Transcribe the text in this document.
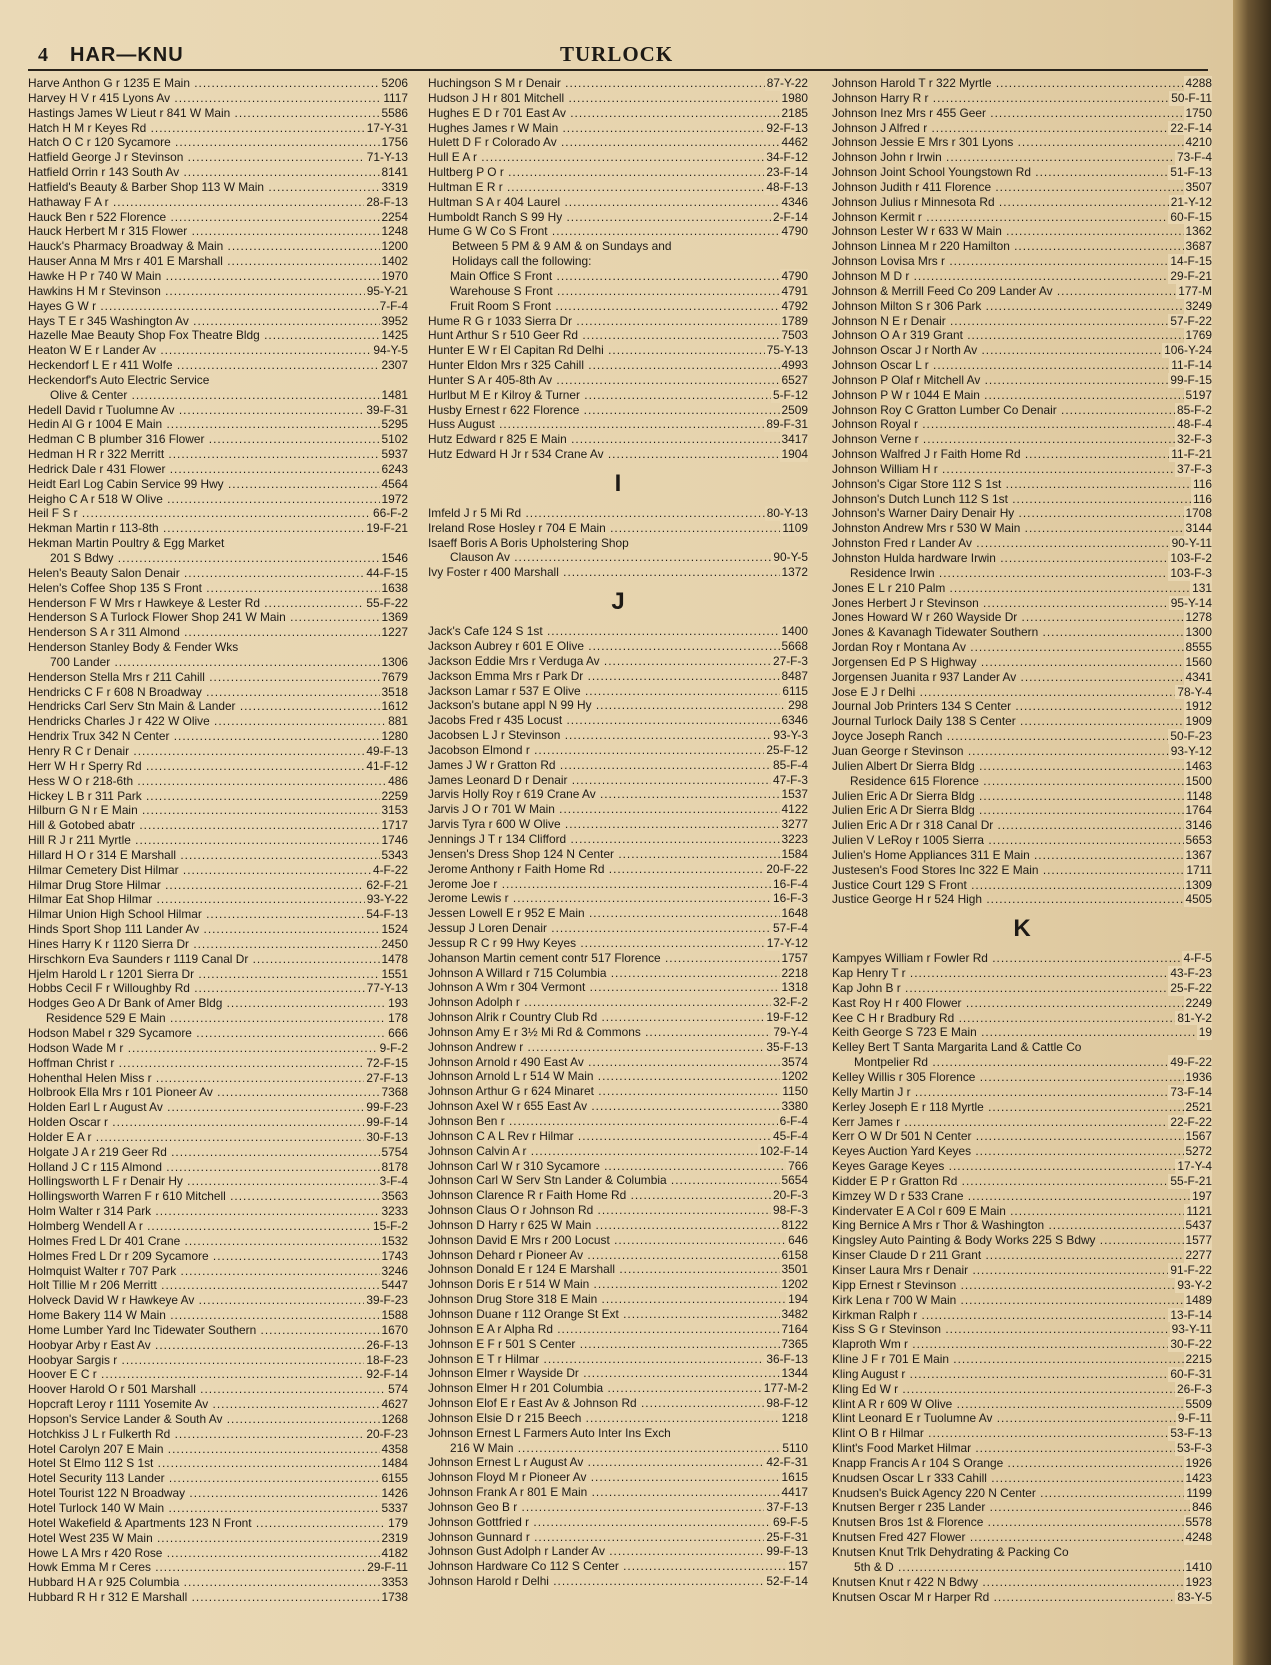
4 HAR—KNU	TURLOCK
Harve Anthon G r 1235 E Main .....	5206
Harvey H V r 415 Lyons Av .....	1117
Hastings James W Lieut r 841 W Main .....	5586
Hatch H M r Keyes Rd .....	17-Y-31
Hatch O C r 120 Sycamore .....	1756
Hatfield George J r Stevinson .....	71-Y-13
Hatfield Orrin r 143 South Av .....	8141
Hatfield's Beauty & Barber Shop 113 W Main .....	3319
Hathaway F A r .....	28-F-13
Hauck Ben r 522 Florence .....	2254
Hauck Herbert M r 315 Flower .....	1248
Hauck's Pharmacy Broadway & Main .....	1200
Hauser Anna M Mrs r 401 E Marshall .....	1402
Hawke H P r 740 W Main .....	1970
Hawkins H M r Stevinson .....	95-Y-21
Hayes G W r .....	7-F-4
Hays T E r 345 Washington Av .....	3952
Hazelle Mae Beauty Shop Fox Theatre Bldg .....	1425
Heaton W E r Lander Av .....	94-Y-5
Heckendorf L E r 411 Wolfe .....	2307
Heckendorf's Auto Electric Service
Olive & Center .....	1481
Hedell David r Tuolumne Av .....	39-F-31
Hedin Al G r 1004 E Main .....	5295
Hedman C B plumber 316 Flower .....	5102
Hedman H R r 322 Merritt .....	5937
Hedrick Dale r 431 Flower .....	6243
Heidt Earl Log Cabin Service 99 Hwy .....	4564
Heigho C A r 518 W Olive .....	1972
Heil F S r .....	66-F-2
Hekman Martin r 113-8th .....	19-F-21
Hekman Martin Poultry & Egg Market
201 S Bdwy .....	1546
Helen's Beauty Salon Denair .....	44-F-15
Helen's Coffee Shop 135 S Front .....	1638
Henderson F W Mrs r Hawkeye & Lester Rd .....	55-F-22
Henderson S A Turlock Flower Shop 241 W Main .....	1369
Henderson S A r 311 Almond .....	1227
Henderson Stanley Body & Fender Wks
700 Lander .....	1306
Henderson Stella Mrs r 211 Cahill .....	7679
Hendricks C F r 608 N Broadway .....	3518
Hendricks Carl Serv Stn Main & Lander .....	1612
Hendricks Charles J r 422 W Olive .....	881
Hendrix Trux 342 N Center .....	1280
Henry R C r Denair .....	49-F-13
Herr W H r Sperry Rd .....	41-F-12
Hess W O r 218-6th .....	486
Hickey L B r 311 Park .....	2259
Hilburn G N r E Main .....	3153
Hill & Gotobed abatr .....	1717
Hill R J r 211 Myrtle .....	1746
Hillard H O r 314 E Marshall .....	5343
Hilmar Cemetery Dist Hilmar .....	4-F-22
Hilmar Drug Store Hilmar .....	62-F-21
Hilmar Eat Shop Hilmar .....	93-Y-22
Hilmar Union High School Hilmar .....	54-F-13
Hinds Sport Shop 111 Lander Av .....	1524
Hines Harry K r 1120 Sierra Dr .....	2450
Hirschkorn Eva Saunders r 1119 Canal Dr .....	1478
Hjelm Harold L r 1201 Sierra Dr .....	1551
Hobbs Cecil F r Willoughby Rd .....	77-Y-13
Hodges Geo A Dr Bank of Amer Bldg .....	193
Residence 529 E Main .....	178
Hodson Mabel r 329 Sycamore .....	666
Hodson Wade M r .....	9-F-2
Hoffman Christ r .....	72-F-15
Hohenthal Helen Miss r .....	27-F-13
Holbrook Ella Mrs r 101 Pioneer Av .....	7368
Holden Earl L r August Av .....	99-F-23
Holden Oscar r .....	99-F-14
Holder E A r .....	30-F-13
Holgate J A r 219 Geer Rd .....	5754
Holland J C r 115 Almond .....	8178
Hollingsworth L F r Denair Hy .....	3-F-4
Hollingsworth Warren F r 610 Mitchell .....	3563
Holm Walter r 314 Park .....	3233
Holmberg Wendell A r .....	15-F-2
Holmes Fred L Dr 401 Crane .....	1532
Holmes Fred L Dr r 209 Sycamore .....	1743
Holmquist Walter r 707 Park .....	3246
Holt Tillie M r 206 Merritt .....	5447
Holveck David W r Hawkeye Av .....	39-F-23
Home Bakery 114 W Main .....	1588
Home Lumber Yard Inc Tidewater Southern .....	1670
Hoobyar Arby r East Av .....	26-F-13
Hoobyar Sargis r .....	18-F-23
Hoover E C r .....	92-F-14
Hoover Harold O r 501 Marshall .....	574
Hopcraft Leroy r 1111 Yosemite Av .....	4627
Hopson's Service Lander & South Av .....	1268
Hotchkiss J L r Fulkerth Rd .....	20-F-23
Hotel Carolyn 207 E Main .....	4358
Hotel St Elmo 112 S 1st .....	1484
Hotel Security 113 Lander .....	6155
Hotel Tourist 122 N Broadway .....	1426
Hotel Turlock 140 W Main .....	5337
Hotel Wakefield & Apartments 123 N Front .....	179
Hotel West 235 W Main .....	2319
Howe L A Mrs r 420 Rose .....	4182
Howk Emma M r Ceres .....	29-F-11
Hubbard H A r 925 Columbia .....	3353
Hubbard R H r 312 E Marshall .....	1738
Huchingson S M r Denair .....	87-Y-22
Hudson J H r 801 Mitchell .....	1980
Hughes E D r 701 East Av .....	2185
Hughes James r W Main .....	92-F-13
Hulett D F r Colorado Av .....	4462
Hull E A r .....	34-F-12
Hultberg P O r .....	23-F-14
Hultman E R r .....	48-F-13
Hultman S A r 404 Laurel .....	4346
Humboldt Ranch S 99 Hy .....	2-F-14
Hume G W Co S Front .....	4790
Between 5 PM & 9 AM & on Sundays and
Holidays call the following:
Main Office S Front .....	4790
Warehouse S Front .....	4791
Fruit Room S Front .....	4792
Hume R G r 1033 Sierra Dr .....	1789
Hunt Arthur S r 510 Geer Rd .....	7503
Hunter E W r El Capitan Rd Delhi .....	75-Y-13
Hunter Eldon Mrs r 325 Cahill .....	4993
Hunter S A r 405-8th Av .....	6527
Hurlbut M E r Kilroy & Turner .....	5-F-12
Husby Ernest r 622 Florence .....	2509
Huss August .....	89-F-31
Hutz Edward r 825 E Main .....	3417
Hutz Edward H Jr r 534 Crane Av .....	1904
I
Imfeld J r 5 Mi Rd .....	80-Y-13
Ireland Rose Hosley r 704 E Main .....	1109
Isaeff Boris A Boris Upholstering Shop
Clauson Av .....	90-Y-5
Ivy Foster r 400 Marshall .....	1372
J
Jack's Cafe 124 S 1st .....	1400
Jackson Aubrey r 601 E Olive .....	5668
Jackson Eddie Mrs r Verduga Av .....	27-F-3
Jackson Emma Mrs r Park Dr .....	8487
Jackson Lamar r 537 E Olive .....	6115
Jackson's butane appl N 99 Hy .....	298
Jacobs Fred r 435 Locust .....	6346
Jacobsen L J r Stevinson .....	93-Y-3
Jacobson Elmond r .....	25-F-12
James J W r Gratton Rd .....	85-F-4
James Leonard D r Denair .....	47-F-3
Jarvis Holly Roy r 619 Crane Av .....	1537
Jarvis J O r 701 W Main .....	4122
Jarvis Tyra r 600 W Olive .....	3277
Jennings J T r 134 Clifford .....	3223
Jensen's Dress Shop 124 N Center .....	1584
Jerome Anthony r Faith Home Rd .....	20-F-22
Jerome Joe r .....	16-F-4
Jerome Lewis r .....	16-F-3
Jessen Lowell E r 952 E Main .....	1648
Jessup J Loren Denair .....	57-F-4
Jessup R C r 99 Hwy Keyes .....	17-Y-12
Johanson Martin cement contr 517 Florence .....	1757
Johnson A Willard r 715 Columbia .....	2218
Johnson A Wm r 304 Vermont .....	1318
Johnson Adolph r .....	32-F-2
Johnson Alrik r Country Club Rd .....	19-F-12
Johnson Amy E r 3½ Mi Rd & Commons .....	79-Y-4
Johnson Andrew r .....	35-F-13
Johnson Arnold r 490 East Av .....	3574
Johnson Arnold L r 514 W Main .....	1202
Johnson Arthur G r 624 Minaret .....	1150
Johnson Axel W r 655 East Av .....	3380
Johnson Ben r .....	6-F-4
Johnson C A L Rev r Hilmar .....	45-F-4
Johnson Calvin A r .....	102-F-14
Johnson Carl W r 310 Sycamore .....	766
Johnson Carl W Serv Stn Lander & Columbia .....	5654
Johnson Clarence R r Faith Home Rd .....	20-F-3
Johnson Claus O r Johnson Rd .....	98-F-3
Johnson D Harry r 625 W Main .....	8122
Johnson David E Mrs r 200 Locust .....	646
Johnson Dehard r Pioneer Av .....	6158
Johnson Donald E r 124 E Marshall .....	3501
Johnson Doris E r 514 W Main .....	1202
Johnson Drug Store 318 E Main .....	194
Johnson Duane r 112 Orange St Ext .....	3482
Johnson E A r Alpha Rd .....	7164
Johnson E F r 501 S Center .....	7365
Johnson E T r Hilmar .....	36-F-13
Johnson Elmer r Wayside Dr .....	1344
Johnson Elmer H r 201 Columbia .....	177-M-2
Johnson Elof E r East Av & Johnson Rd .....	98-F-12
Johnson Elsie D r 215 Beech .....	1218
Johnson Ernest L Farmers Auto Inter Ins Exch
216 W Main .....	5110
Johnson Ernest L r August Av .....	42-F-31
Johnson Floyd M r Pioneer Av .....	1615
Johnson Frank A r 801 E Main .....	4417
Johnson Geo B r .....	37-F-13
Johnson Gottfried r .....	69-F-5
Johnson Gunnard r .....	25-F-31
Johnson Gust Adolph r Lander Av .....	99-F-13
Johnson Hardware Co 112 S Center .....	157
Johnson Harold r Delhi .....	52-F-14
Johnson Harold T r 322 Myrtle .....	4288
Johnson Harry R r .....	50-F-11
Johnson Inez Mrs r 455 Geer .....	1750
Johnson J Alfred r .....	22-F-14
Johnson Jessie E Mrs r 301 Lyons .....	4210
Johnson John r Irwin .....	73-F-4
Johnson Joint School Youngstown Rd .....	51-F-13
Johnson Judith r 411 Florence .....	3507
Johnson Julius r Minnesota Rd .....	21-Y-12
Johnson Kermit r .....	60-F-15
Johnson Lester W r 633 W Main .....	1362
Johnson Linnea M r 220 Hamilton .....	3687
Johnson Lovisa Mrs r .....	14-F-15
Johnson M D r .....	29-F-21
Johnson & Merrill Feed Co 209 Lander Av .....	177-M
Johnson Milton S r 306 Park .....	3249
Johnson N E r Denair .....	57-F-22
Johnson O A r 319 Grant .....	1769
Johnson Oscar J r North Av .....	106-Y-24
Johnson Oscar L r .....	11-F-14
Johnson P Olaf r Mitchell Av .....	99-F-15
Johnson P W r 1044 E Main .....	5197
Johnson Roy C Gratton Lumber Co Denair .....	85-F-2
Johnson Royal r .....	48-F-4
Johnson Verne r .....	32-F-3
Johnson Walfred J r Faith Home Rd .....	11-F-21
Johnson William H r .....	37-F-3
Johnson's Cigar Store 112 S 1st .....	116
Johnson's Dutch Lunch 112 S 1st .....	116
Johnson's Warner Dairy Denair Hy .....	1708
Johnston Andrew Mrs r 530 W Main .....	3144
Johnston Fred r Lander Av .....	90-Y-11
Johnston Hulda hardware Irwin .....	103-F-2
Residence Irwin .....	103-F-3
Jones E L r 210 Palm .....	131
Jones Herbert J r Stevinson .....	95-Y-14
Jones Howard W r 260 Wayside Dr .....	1278
Jones & Kavanagh Tidewater Southern .....	1300
Jordan Roy r Montana Av .....	8555
Jorgensen Ed P S Highway .....	1560
Jorgensen Juanita r 937 Lander Av .....	4341
Jose E J r Delhi .....	78-Y-4
Journal Job Printers 134 S Center .....	1912
Journal Turlock Daily 138 S Center .....	1909
Joyce Joseph Ranch .....	50-F-23
Juan George r Stevinson .....	93-Y-12
Julien Albert Dr Sierra Bldg .....	1463
Residence 615 Florence .....	1500
Julien Eric A Dr Sierra Bldg .....	1148
Julien Eric A Dr Sierra Bldg .....	1764
Julien Eric A Dr r 318 Canal Dr .....	3146
Julien V LeRoy r 1005 Sierra .....	5653
Julien's Home Appliances 311 E Main .....	1367
Justesen's Food Stores Inc 322 E Main .....	1711
Justice Court 129 S Front .....	1309
Justice George H r 524 High .....	4505
K
Kampyes William r Fowler Rd .....	4-F-5
Kap Henry T r .....	43-F-23
Kap John B r .....	25-F-22
Kast Roy H r 400 Flower .....	2249
Kee C H r Bradbury Rd .....	81-Y-2
Keith George S 723 E Main .....	19
Kelley Bert T Santa Margarita Land & Cattle Co
Montpelier Rd .....	49-F-22
Kelley Willis r 305 Florence .....	1936
Kelly Martin J r .....	73-F-14
Kerley Joseph E r 118 Myrtle .....	2521
Kerr James r .....	22-F-22
Kerr O W Dr 501 N Center .....	1567
Keyes Auction Yard Keyes .....	5272
Keyes Garage Keyes .....	17-Y-4
Kidder E P r Gratton Rd .....	55-F-21
Kimzey W D r 533 Crane .....	197
Kindervater E A Col r 609 E Main .....	1121
King Bernice A Mrs r Thor & Washington .....	5437
Kingsley Auto Painting & Body Works 225 S Bdwy .....	1577
Kinser Claude D r 211 Grant .....	2277
Kinser Laura Mrs r Denair .....	91-F-22
Kipp Ernest r Stevinson .....	93-Y-2
Kirk Lena r 700 W Main .....	1489
Kirkman Ralph r .....	13-F-14
Kiss S G r Stevinson .....	93-Y-11
Klaproth Wm r .....	30-F-22
Kline J F r 701 E Main .....	2215
Kling August r .....	60-F-31
Kling Ed W r .....	26-F-3
Klint A R r 609 W Olive .....	5509
Klint Leonard E r Tuolumne Av .....	9-F-11
Klint O B r Hilmar .....	53-F-13
Klint's Food Market Hilmar .....	53-F-3
Knapp Francis A r 104 S Orange .....	1926
Knudsen Oscar L r 333 Cahill .....	1423
Knudsen's Buick Agency 220 N Center .....	1199
Knutsen Berger r 235 Lander .....	846
Knutsen Bros 1st & Florence .....	5578
Knutsen Fred 427 Flower .....	4248
Knutsen Knut Trlk Dehydrating & Packing Co
5th & D .....	1410
Knutsen Knut r 422 N Bdwy .....	1923
Knutsen Oscar M r Harper Rd .....	83-Y-5
